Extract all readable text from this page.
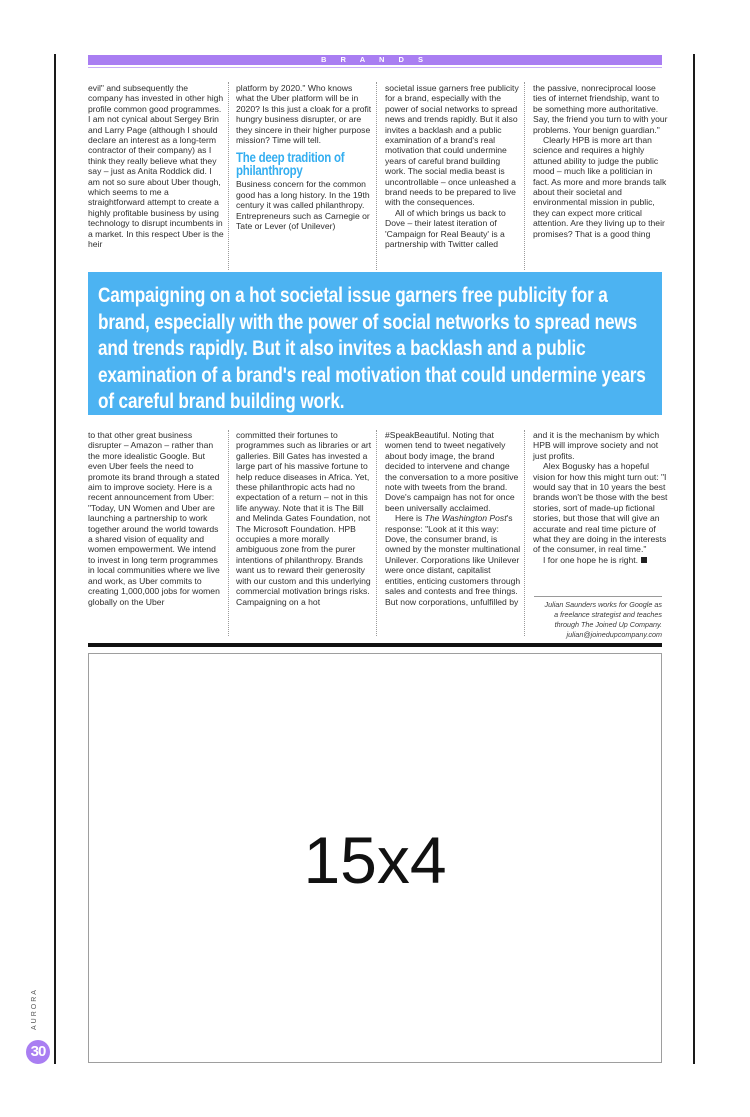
B R A N D S

evil" and subsequently the company has invested in other high profile common good programmes. I am not cynical about Sergey Brin and Larry Page (although I should declare an interest as a long-term contractor of their company) as I think they really believe what they say – just as Anita Roddick did. I am not so sure about Uber though, which seems to me a straightforward attempt to create a highly profitable business by using technology to disrupt incumbents in a market. In this respect Uber is the heir

platform by 2020." Who knows what the Uber platform will be in 2020? Is this just a cloak for a profit hungry business disrupter, or are they sincere in their higher purpose mission? Time will tell.

The deep tradition of philanthropy

Business concern for the common good has a long history. In the 19th century it was called philanthropy. Entrepreneurs such as Carnegie or Tate or Lever (of Unilever)

societal issue garners free publicity for a brand, especially with the power of social networks to spread news and trends rapidly. But it also invites a backlash and a public examination of a brand's real motivation that could undermine years of careful brand building work. The social media beast is uncontrollable – once unleashed a brand needs to be prepared to live with the consequences.

All of which brings us back to Dove – their latest iteration of 'Campaign for Real Beauty' is a partnership with Twitter called

the passive, nonreciprocal loose ties of internet friendship, want to be something more authoritative. Say, the friend you turn to with your problems. Your benign guardian."

Clearly HPB is more art than science and requires a highly attuned ability to judge the public mood – much like a politician in fact. As more and more brands talk about their societal and environmental mission in public, they can expect more critical attention. Are they living up to their promises? That is a good thing

Campaigning on a hot societal issue garners free publicity for a brand, especially with the power of social networks to spread news and trends rapidly. But it also invites a backlash and a public examination of a brand's real motivation that could undermine years of careful brand building work.

to that other great business disrupter – Amazon – rather than the more idealistic Google. But even Uber feels the need to promote its brand through a stated aim to improve society. Here is a recent announcement from Uber: "Today, UN Women and Uber are launching a partnership to work together around the world towards a shared vision of equality and women empowerment. We intend to invest in long term programmes in local communities where we live and work, as Uber commits to creating 1,000,000 jobs for women globally on the Uber

committed their fortunes to programmes such as libraries or art galleries. Bill Gates has invested a large part of his massive fortune to help reduce diseases in Africa. Yet, these philanthropic acts had no expectation of a return – not in this life anyway. Note that it is The Bill and Melinda Gates Foundation, not The Microsoft Foundation. HPB occupies a more morally ambiguous zone from the purer intentions of philanthropy. Brands want us to reward their generosity with our custom and this underlying commercial motivation brings risks. Campaigning on a hot

#SpeakBeautiful. Noting that women tend to tweet negatively about body image, the brand decided to intervene and change the conversation to a more positive note with tweets from the brand. Dove's campaign has not for once been universally acclaimed.

Here is The Washington Post's response: "Look at it this way: Dove, the consumer brand, is owned by the monster multinational Unilever. Corporations like Unilever were once distant, capitalist entities, enticing customers through sales and contests and free things. But now corporations, unfulfilled by

and it is the mechanism by which HPB will improve society and not just profits.

Alex Bogusky has a hopeful vision for how this might turn out: "I would say that in 10 years the best brands won't be those with the best stories, sort of made-up fictional stories, but those that will give an accurate and real time picture of what they are doing in the interests of the consumer, in real time."

I for one hope he is right.

Julian Saunders works for Google as
a freelance strategist and teaches
through The Joined Up Company.
julian@joinedupcompany.com
15x4
AURORA
30
